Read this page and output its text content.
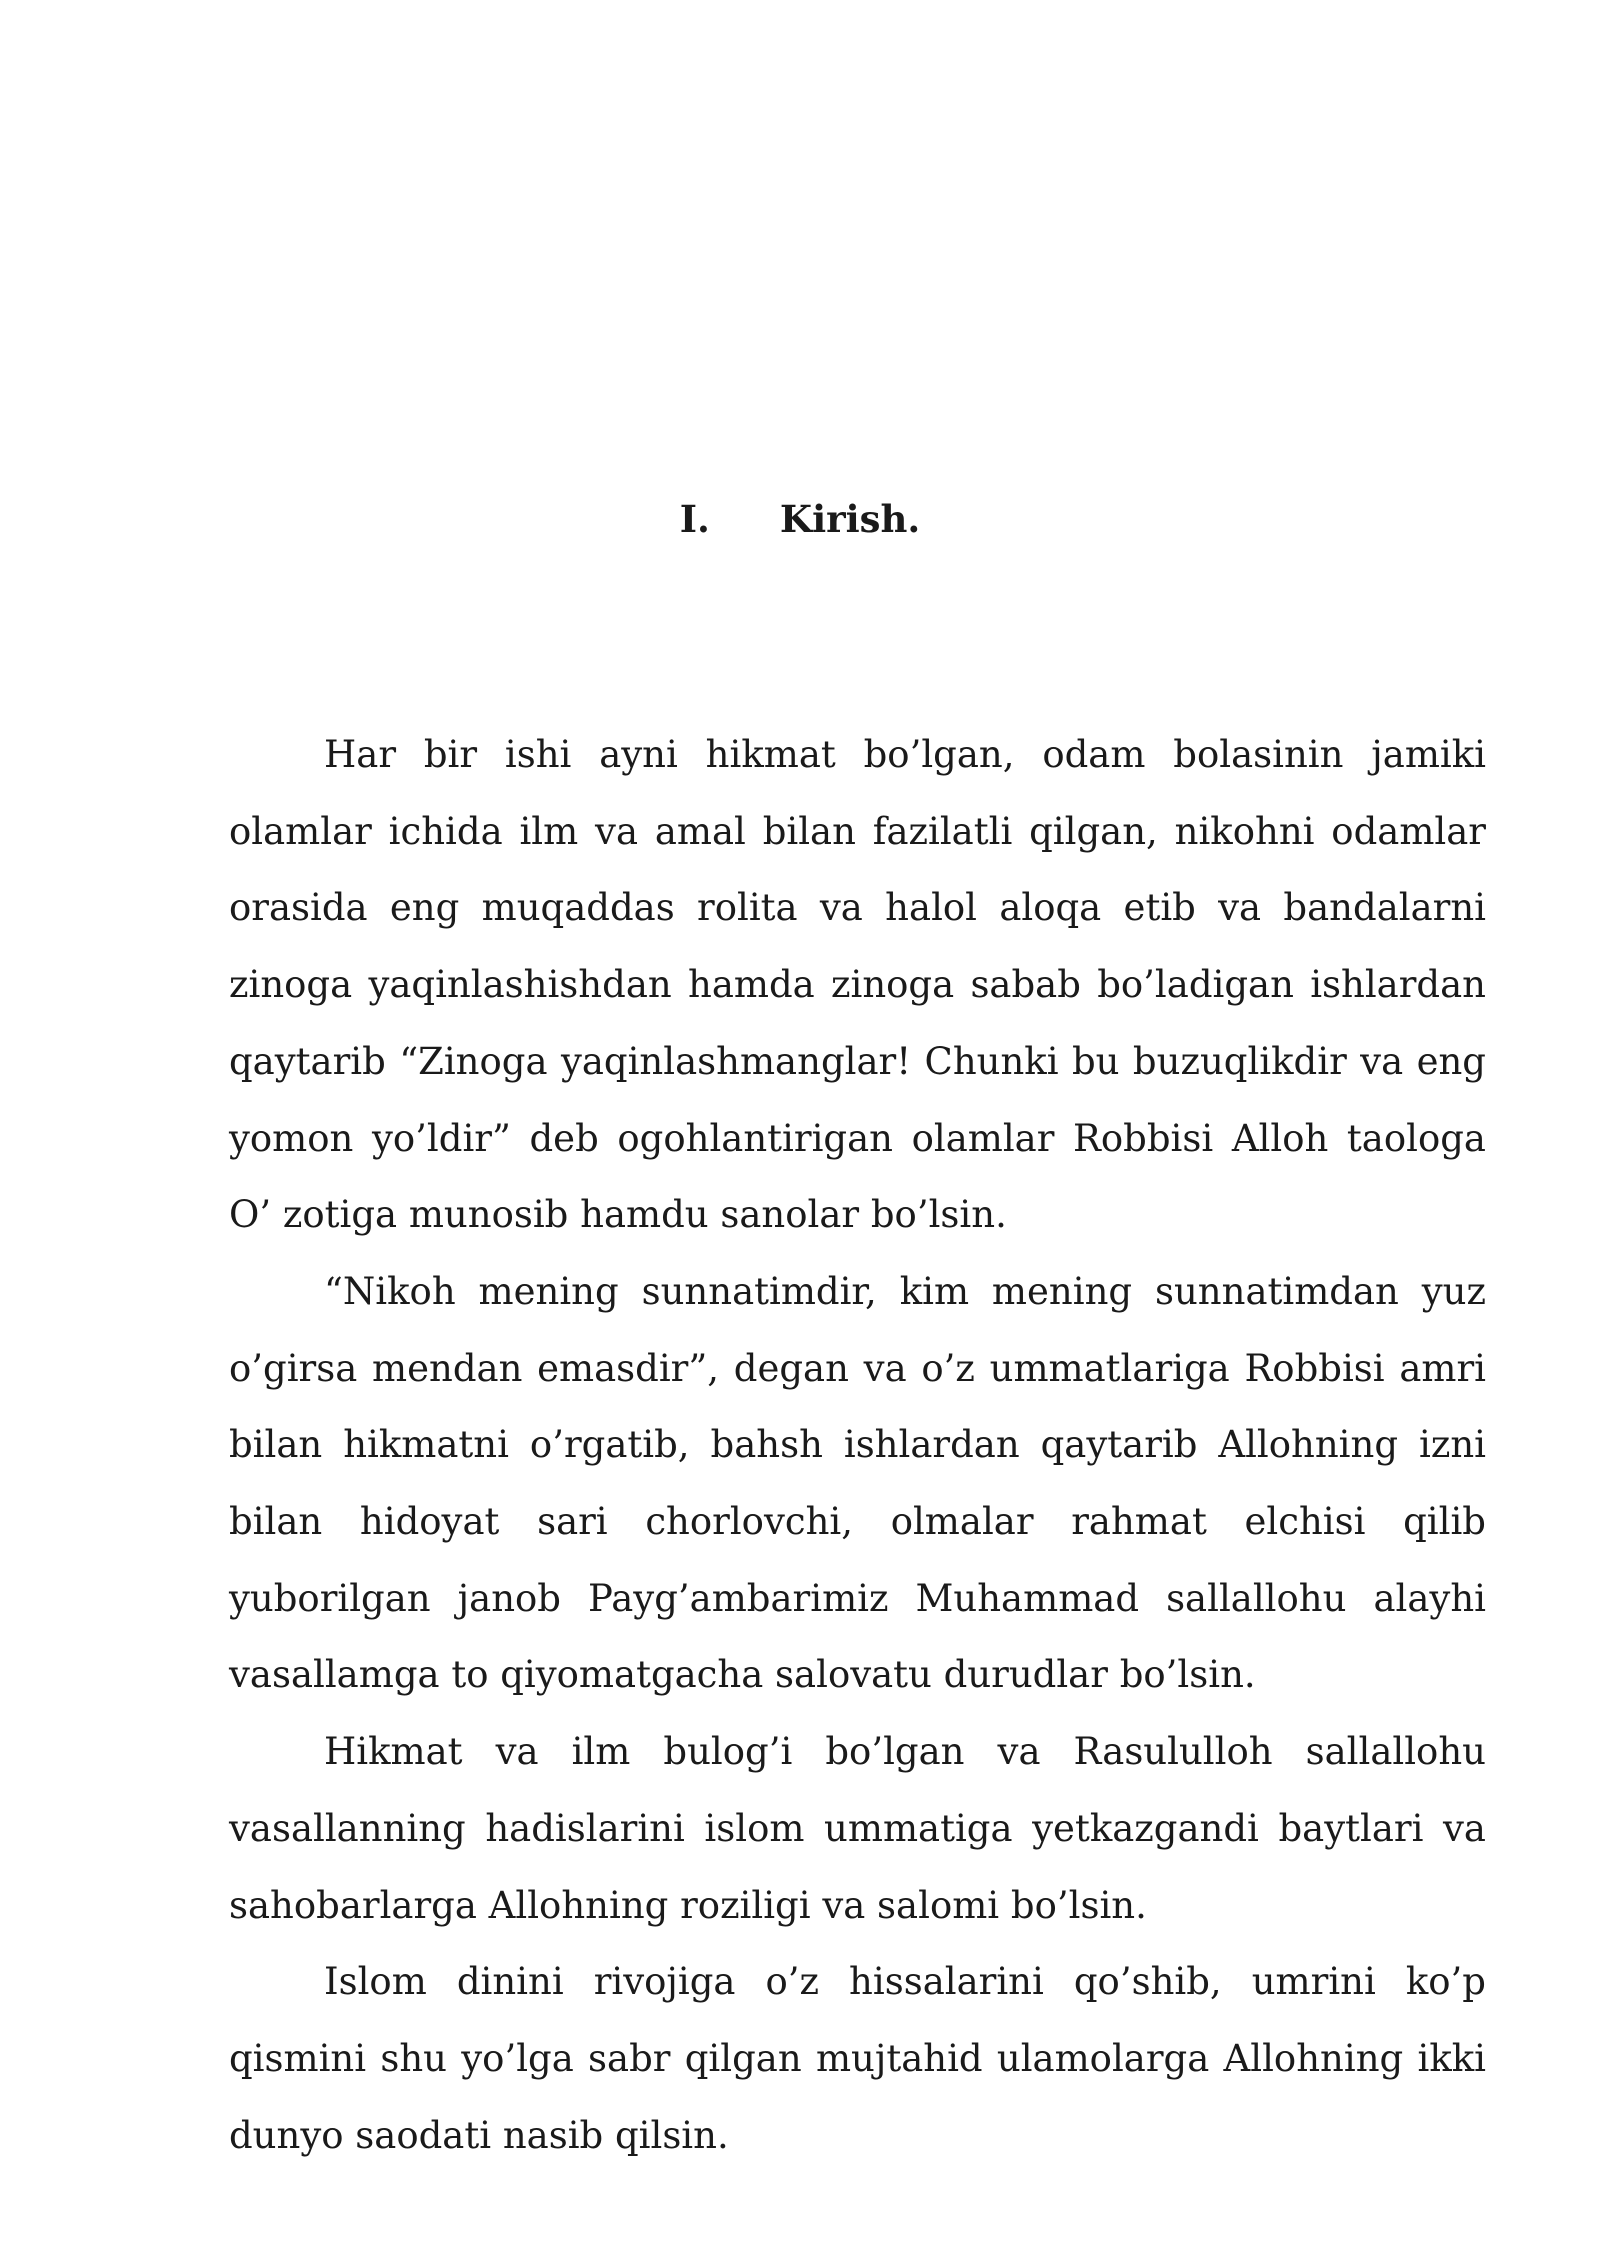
I. Kirish.

Har bir ishi ayni hikmat bo’lgan, odam bolasinin jamiki olamlar ichida ilm va amal bilan fazilatli qilgan, nikohni odamlar orasida eng muqaddas rolita va halol aloqa etib va bandalarni zinoga yaqinlashishdan hamda zinoga sabab bo’ladigan ishlardan qaytarib “Zinoga yaqinlashmanglar! Chunki bu buzuqlikdir va eng yomon yo’ldir” deb ogohlantirigan olamlar Robbisi Alloh taologa O’ zotiga munosib hamdu sanolar bo’lsin.

“Nikoh mening sunnatimdir, kim mening sunnatimdan yuz o’girsa mendan emasdir”, degan va o’z ummatlariga Robbisi amri bilan hikmatni o’rgatib, bahsh ishlardan qaytarib Allohning izni bilan hidoyat sari chorlovchi, olmalar rahmat elchisi qilib yuborilgan janob Payg’ambarimiz Muhammad sallallohu alayhi vasallamga to qiyomatgacha salovatu durudlar bo’lsin.

Hikmat va ilm bulog’i bo’lgan va Rasululloh sallallohu vasallanning hadislarini islom ummatiga yetkazgandi baytlari va sahobarlarga Allohning roziligi va salomi bo’lsin.

Islom dinini rivojiga o’z hissalarini qo’shib, umrini ko’p qismini shu yo’lga sabr qilgan mujtahid ulamolarga Allohning ikki dunyo saodati nasib qilsin.
